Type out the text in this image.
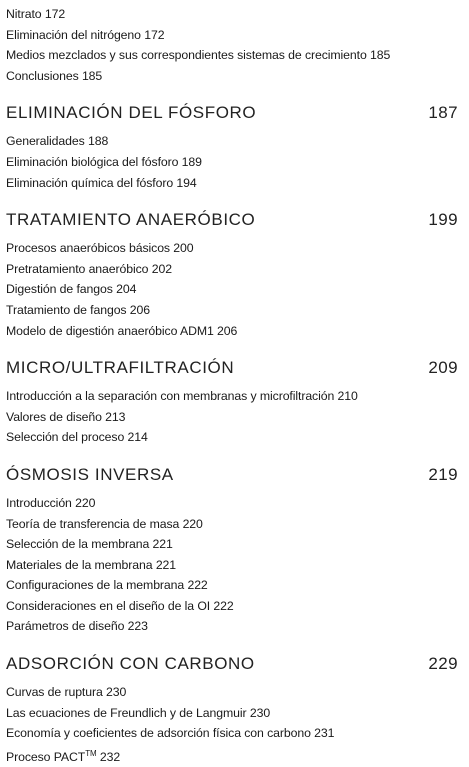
Nitrato 172
Eliminación del nitrógeno 172
Medios mezclados y sus correspondientes sistemas de crecimiento 185
Conclusiones 185
ELIMINACIÓN DEL FÓSFORO	187
Generalidades 188
Eliminación biológica del fósforo 189
Eliminación química del fósforo 194
TRATAMIENTO ANAERÓBICO	199
Procesos anaeróbicos básicos 200
Pretratamiento anaeróbico 202
Digestión de fangos 204
Tratamiento de fangos 206
Modelo de digestión anaeróbico ADM1 206
MICRO/ULTRAFILTRACIÓN	209
Introducción a la separación con membranas y microfiltración 210
Valores de diseño 213
Selección del proceso 214
ÓSMOSIS INVERSA	219
Introducción 220
Teoría de transferencia de masa 220
Selección de la membrana 221
Materiales de la membrana 221
Configuraciones de la membrana 222
Consideraciones en el diseño de la OI 222
Parámetros de diseño 223
ADSORCIÓN CON CARBONO	229
Curvas de ruptura 230
Las ecuaciones de Freundlich y de Langmuir 230
Economía y coeficientes de adsorción física con carbono 231
Proceso PACT™ 232
